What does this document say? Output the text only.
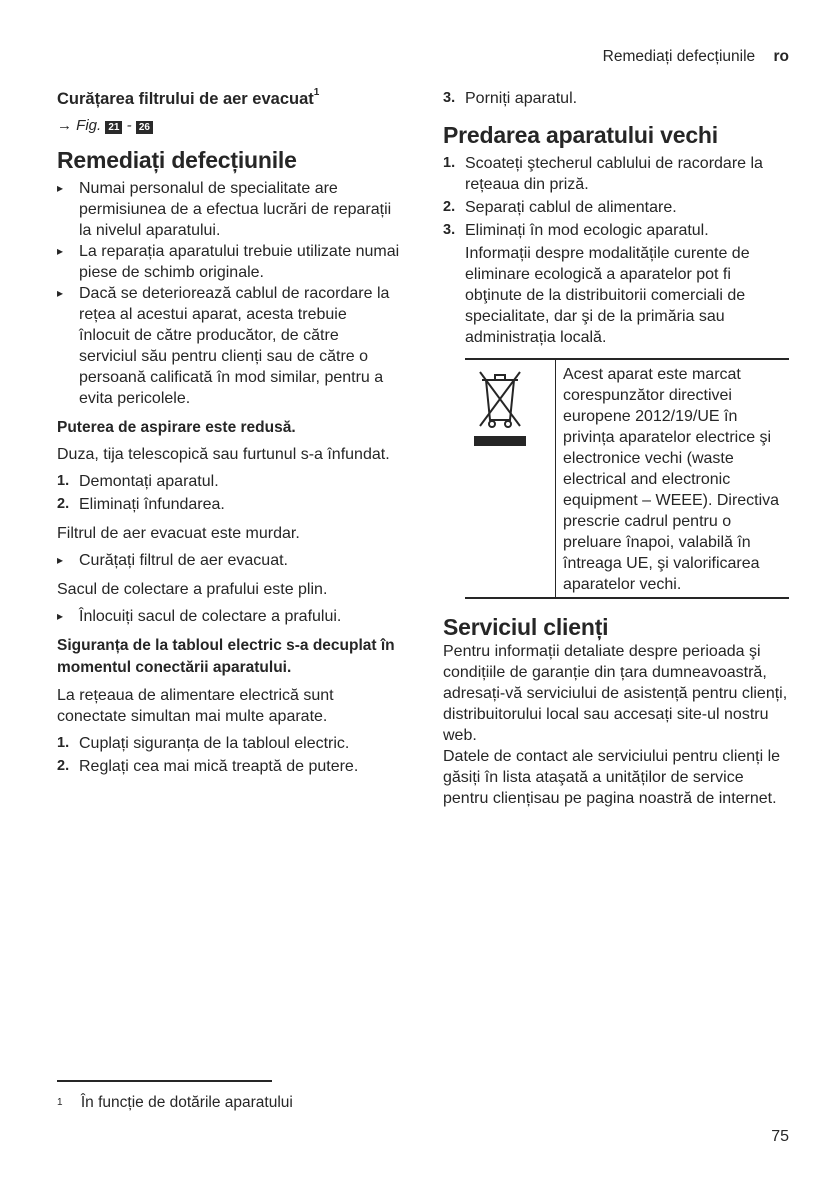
Remediați defecțiunile ro
Curățarea filtrului de aer evacuat$^1$
→ Fig. 21 - 26
Remediați defecțiunile
▸ Numai personalul de specialitate are permisiunea de a efectua lucrări de reparații la nivelul aparatului.
▸ La reparația aparatului trebuie utilizate numai piese de schimb originale.
▸ Dacă se deteriorează cablul de racordare la rețea al acestui aparat, acesta trebuie înlocuit de către producător, de către serviciul său pentru clienți sau de către o persoană calificată în mod similar, pentru a evita pericolele.
Puterea de aspirare este redusă.

Duza, tija telescopică sau furtunul s-a înfundat.

1. Demontați aparatul.
2. Eliminați înfundarea.

Filtrul de aer evacuat este murdar.

▸ Curățați filtrul de aer evacuat.

Sacul de colectare a prafului este plin.

▸ Înlocuiți sacul de colectare a prafului.
Siguranța de la tabloul electric s-a decuplat în momentul conectării aparatului.

La rețeaua de alimentare electrică sunt conectate simultan mai multe aparate.

1. Cuplați siguranța de la tabloul electric.
2. Reglați cea mai mică treaptă de putere.
3. Porniți aparatul.
Predarea aparatului vechi
1. Scoateți ştecherul cablului de racordare la rețeaua din priză.
2. Separați cablul de alimentare.
3. Eliminați în mod ecologic aparatul.

Informații despre modalitățile curente de eliminare ecologică a aparatelor pot fi obţinute de la distribuitorii comerciali de specialitate, dar şi de la primăria sau administrația locală.

Acest aparat este marcat corespunzător directivei europene 2012/19/UE în privința aparatelor electrice şi electronice vechi (waste electrical and electronic equipment – WEEE). Directiva prescrie cadrul pentru o preluare înapoi, valabilă în întreaga UE, şi valorificarea aparatelor vechi.
Serviciul clienți

Pentru informații detaliate despre perioada şi condițiile de garanție din țara dumneavoastră, adresați-vă serviciului de asistență pentru clienți, distribuitorului local sau accesați site-ul nostru web.

Datele de contact ale serviciului pentru clienți le găsiți în lista ataşată a unităților de service pentru cliențisau pe pagina noastră de internet.

$^1$ În funcție de dotările aparatului
75
